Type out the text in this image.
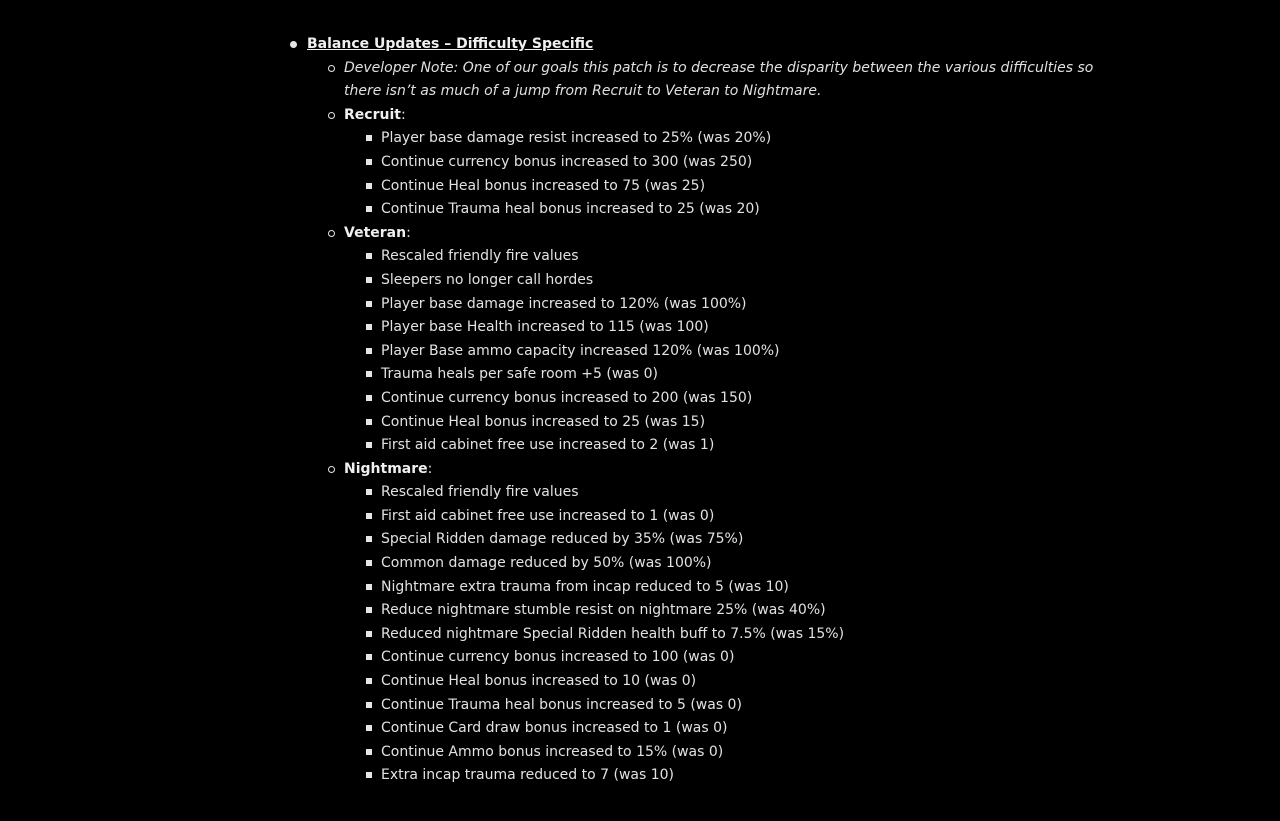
Balance Updates – Difficulty Specific
Developer Note: One of our goals this patch is to decrease the disparity between the various difficulties so there isn’t as much of a jump from Recruit to Veteran to Nightmare.
Recruit:
Player base damage resist increased to 25% (was 20%)
Continue currency bonus increased to 300 (was 250)
Continue Heal bonus increased to 75 (was 25)
Continue Trauma heal bonus increased to 25 (was 20)
Veteran:
Rescaled friendly fire values
Sleepers no longer call hordes
Player base damage increased to 120% (was 100%)
Player base Health increased to 115 (was 100)
Player Base ammo capacity increased 120% (was 100%)
Trauma heals per safe room +5 (was 0)
Continue currency bonus increased to 200 (was 150)
Continue Heal bonus increased to 25 (was 15)
First aid cabinet free use increased to 2 (was 1)
Nightmare:
Rescaled friendly fire values
First aid cabinet free use increased to 1 (was 0)
Special Ridden damage reduced by 35% (was 75%)
Common damage reduced by 50% (was 100%)
Nightmare extra trauma from incap reduced to 5 (was 10)
Reduce nightmare stumble resist on nightmare 25% (was 40%)
Reduced nightmare Special Ridden health buff to 7.5% (was 15%)
Continue currency bonus increased to 100 (was 0)
Continue Heal bonus increased to 10 (was 0)
Continue Trauma heal bonus increased to 5 (was 0)
Continue Card draw bonus increased to 1 (was 0)
Continue Ammo bonus increased to 15% (was 0)
Extra incap trauma reduced to 7 (was 10)
